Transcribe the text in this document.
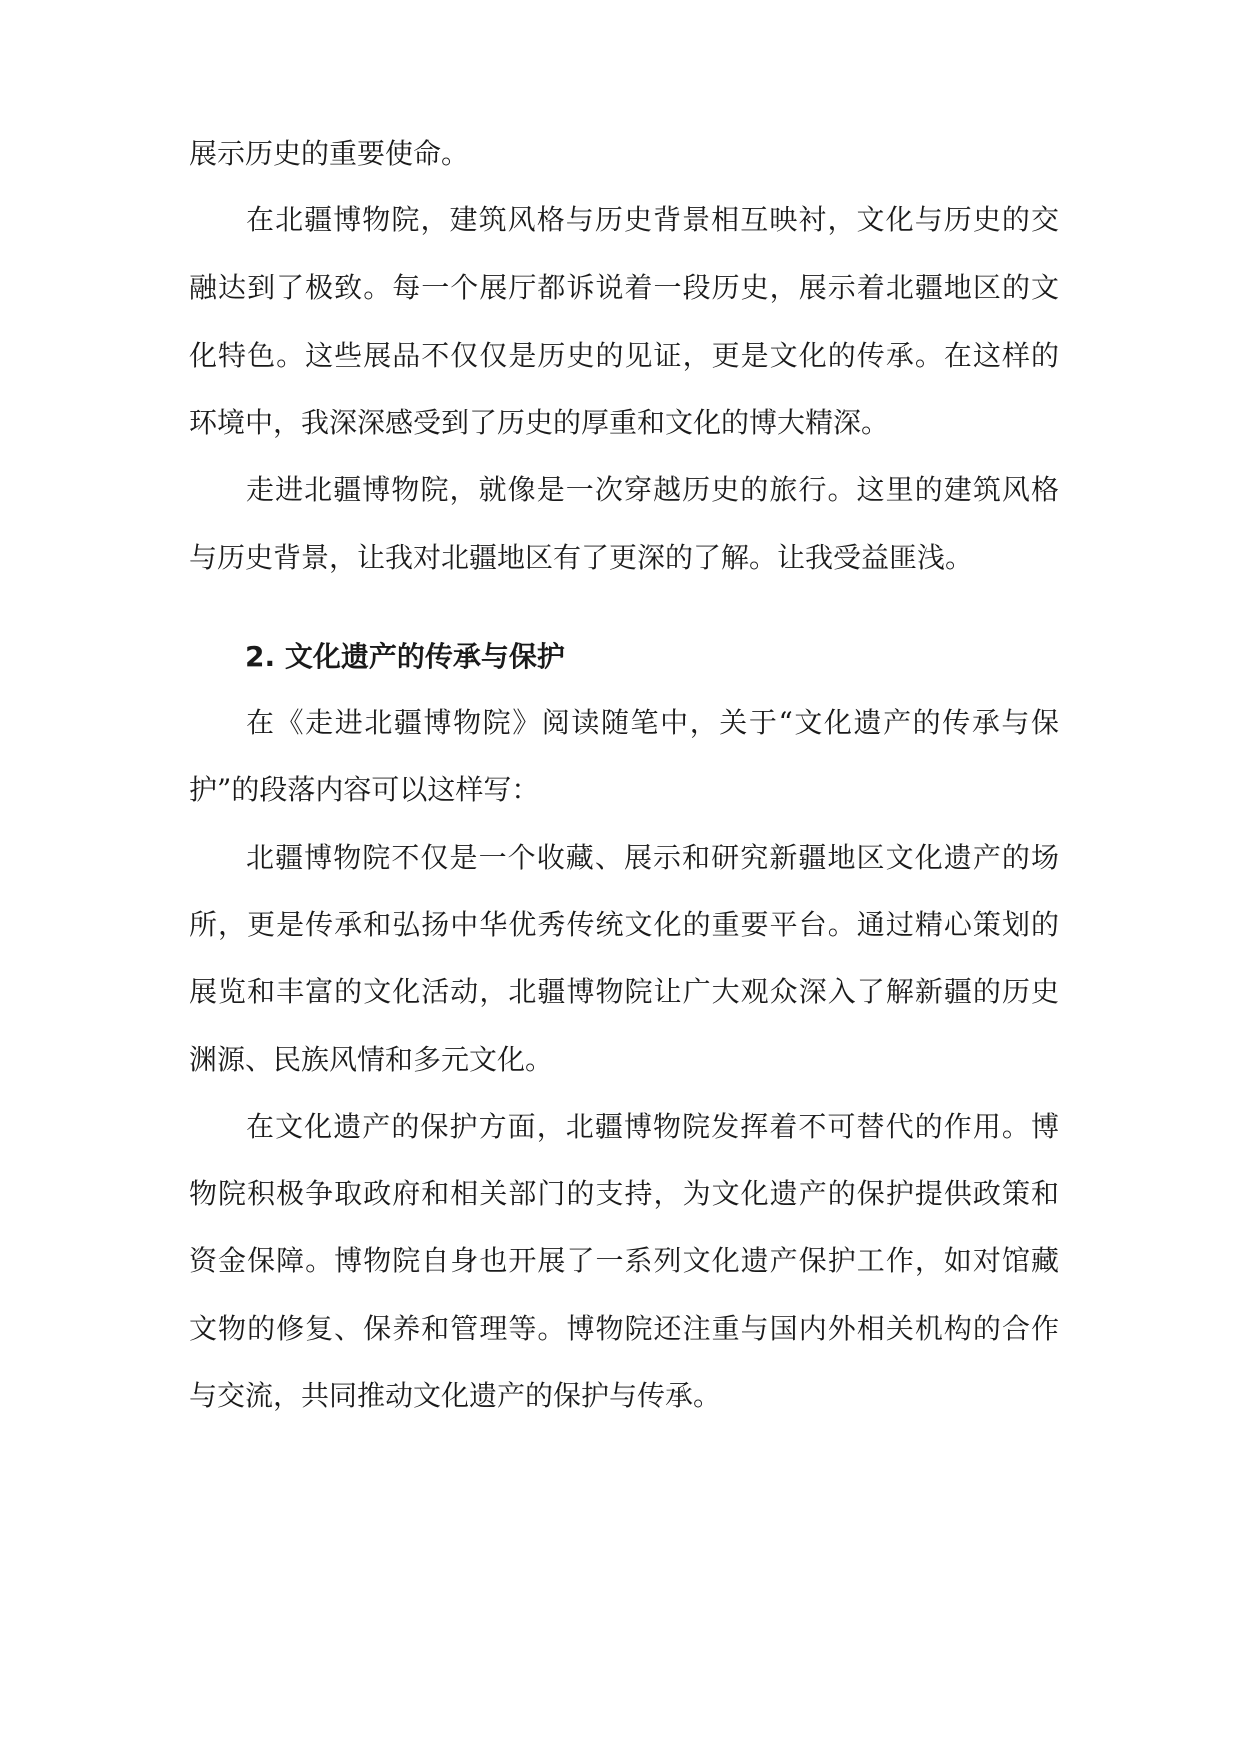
展示历史的重要使命。
在北疆博物院，建筑风格与历史背景相互映衬，文化与历史的交
融达到了极致。每一个展厅都诉说着一段历史，展示着北疆地区的文
化特色。这些展品不仅仅是历史的见证，更是文化的传承。在这样的
环境中，我深深感受到了历史的厚重和文化的博大精深。
走进北疆博物院，就像是一次穿越历史的旅行。这里的建筑风格
与历史背景，让我对北疆地区有了更深的了解。让我受益匪浅。
2. 文化遗产的传承与保护
在《走进北疆博物院》阅读随笔中，关于“文化遗产的传承与保
护”的段落内容可以这样写：
北疆博物院不仅是一个收藏、展示和研究新疆地区文化遗产的场
所，更是传承和弘扬中华优秀传统文化的重要平台。通过精心策划的
展览和丰富的文化活动，北疆博物院让广大观众深入了解新疆的历史
渊源、民族风情和多元文化。
在文化遗产的保护方面，北疆博物院发挥着不可替代的作用。博
物院积极争取政府和相关部门的支持，为文化遗产的保护提供政策和
资金保障。博物院自身也开展了一系列文化遗产保护工作，如对馆藏
文物的修复、保养和管理等。博物院还注重与国内外相关机构的合作
与交流，共同推动文化遗产的保护与传承。
